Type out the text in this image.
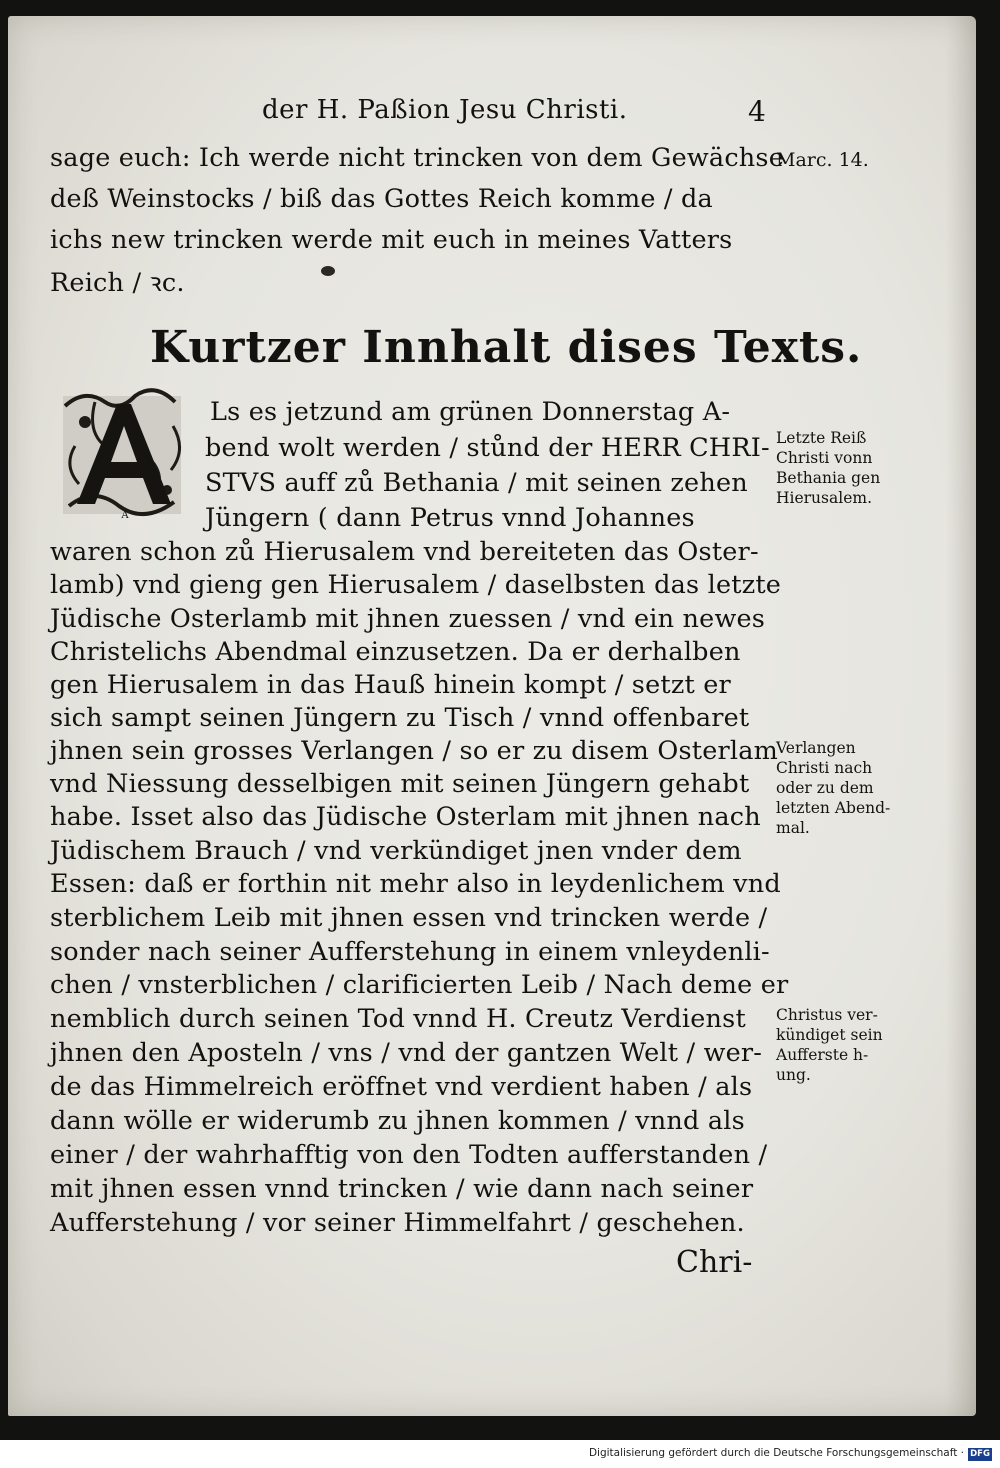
der H. Paßion Jesu Christi.	4
sage euch: Ich werde nicht trincken von dem Gewächse
deß Weinstocks / biß das Gottes Reich komme / da
ichs new trincken werde mit euch in meines Vatters
Reich / ꝛc.
Kurtzer Innhalt dises Texts.
A
Ls es jetzund am grünen Donnerstag A-
bend wolt werden / stůnd der HERR CHRI-
STVS auff zů Bethania / mit seinen zehen
Jüngern ( dann Petrus vnnd Johannes
waren schon zů Hierusalem vnd bereiteten das Oster-
lamb) vnd gieng gen Hierusalem / daselbsten das letzte
Jüdische Osterlamb mit jhnen zuessen / vnd ein newes
Christelichs Abendmal einzusetzen. Da er derhalben
gen Hierusalem in das Hauß hinein kompt / setzt er
sich sampt seinen Jüngern zu Tisch / vnnd offenbaret
jhnen sein grosses Verlangen / so er zu disem Osterlam
vnd Niessung desselbigen mit seinen Jüngern gehabt
habe. Isset also das Jüdische Osterlam mit jhnen nach
Jüdischem Brauch / vnd verkündiget jnen vnder dem
Essen: daß er forthin nit mehr also in leydenlichem vnd
sterblichem Leib mit jhnen essen vnd trincken werde /
sonder nach seiner Aufferstehung in einem vnleydenli-
chen / vnsterblichen / clarificierten Leib / Nach deme er
nemblich durch seinen Tod vnnd H. Creutz Verdienst
jhnen den Aposteln / vns / vnd der gantzen Welt / wer-
de das Himmelreich eröffnet vnd verdient haben / als
dann wölle er widerumb zu jhnen kommen / vnnd als
einer / der wahrhafftig von den Todten aufferstanden /
mit jhnen essen vnnd trincken / wie dann nach seiner
Aufferstehung / vor seiner Himmelfahrt / geschehen.
Chri-
Marc. 14.
Letzte Reiß
Christi vonn
Bethania gen
Hierusalem.
Verlangen
Christi nach
oder zu dem
letzten Abend-
mal.
Christus ver-
kündiget sein
Aufferste h-
ung.
Digitalisierung gefördert durch die Deutsche Forschungsgemeinschaft · DFG
